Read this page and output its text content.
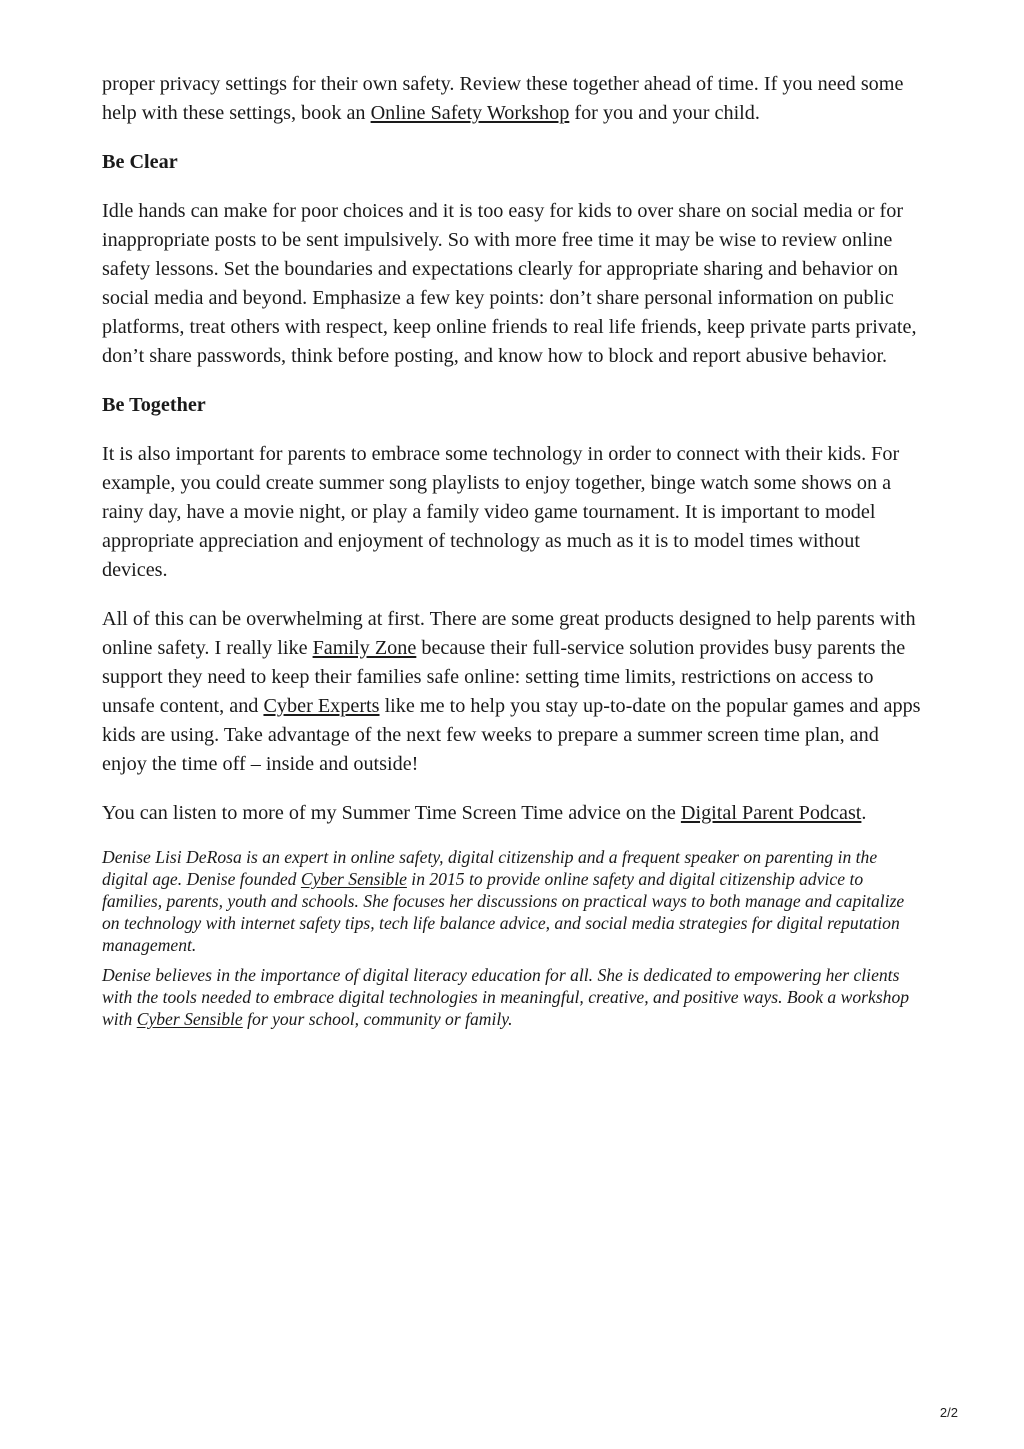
proper privacy settings for their own safety. Review these together ahead of time. If you need some help with these settings, book an Online Safety Workshop for you and your child.

Be Clear

Idle hands can make for poor choices and it is too easy for kids to over share on social media or for inappropriate posts to be sent impulsively. So with more free time it may be wise to review online safety lessons. Set the boundaries and expectations clearly for appropriate sharing and behavior on social media and beyond. Emphasize a few key points: don’t share personal information on public platforms, treat others with respect, keep online friends to real life friends, keep private parts private, don’t share passwords, think before posting, and know how to block and report abusive behavior.

Be Together

It is also important for parents to embrace some technology in order to connect with their kids. For example, you could create summer song playlists to enjoy together, binge watch some shows on a rainy day, have a movie night, or play a family video game tournament. It is important to model appropriate appreciation and enjoyment of technology as much as it is to model times without devices.

All of this can be overwhelming at first. There are some great products designed to help parents with online safety. I really like Family Zone because their full-service solution provides busy parents the support they need to keep their families safe online: setting time limits, restrictions on access to unsafe content, and Cyber Experts like me to help you stay up-to-date on the popular games and apps kids are using. Take advantage of the next few weeks to prepare a summer screen time plan, and enjoy the time off – inside and outside!

You can listen to more of my Summer Time Screen Time advice on the Digital Parent Podcast.

Denise Lisi DeRosa is an expert in online safety, digital citizenship and a frequent speaker on parenting in the digital age. Denise founded Cyber Sensible in 2015 to provide online safety and digital citizenship advice to families, parents, youth and schools. She focuses her discussions on practical ways to both manage and capitalize on technology with internet safety tips, tech life balance advice, and social media strategies for digital reputation management.

Denise believes in the importance of digital literacy education for all. She is dedicated to empowering her clients with the tools needed to embrace digital technologies in meaningful, creative, and positive ways. Book a workshop with Cyber Sensible for your school, community or family.

2/2
